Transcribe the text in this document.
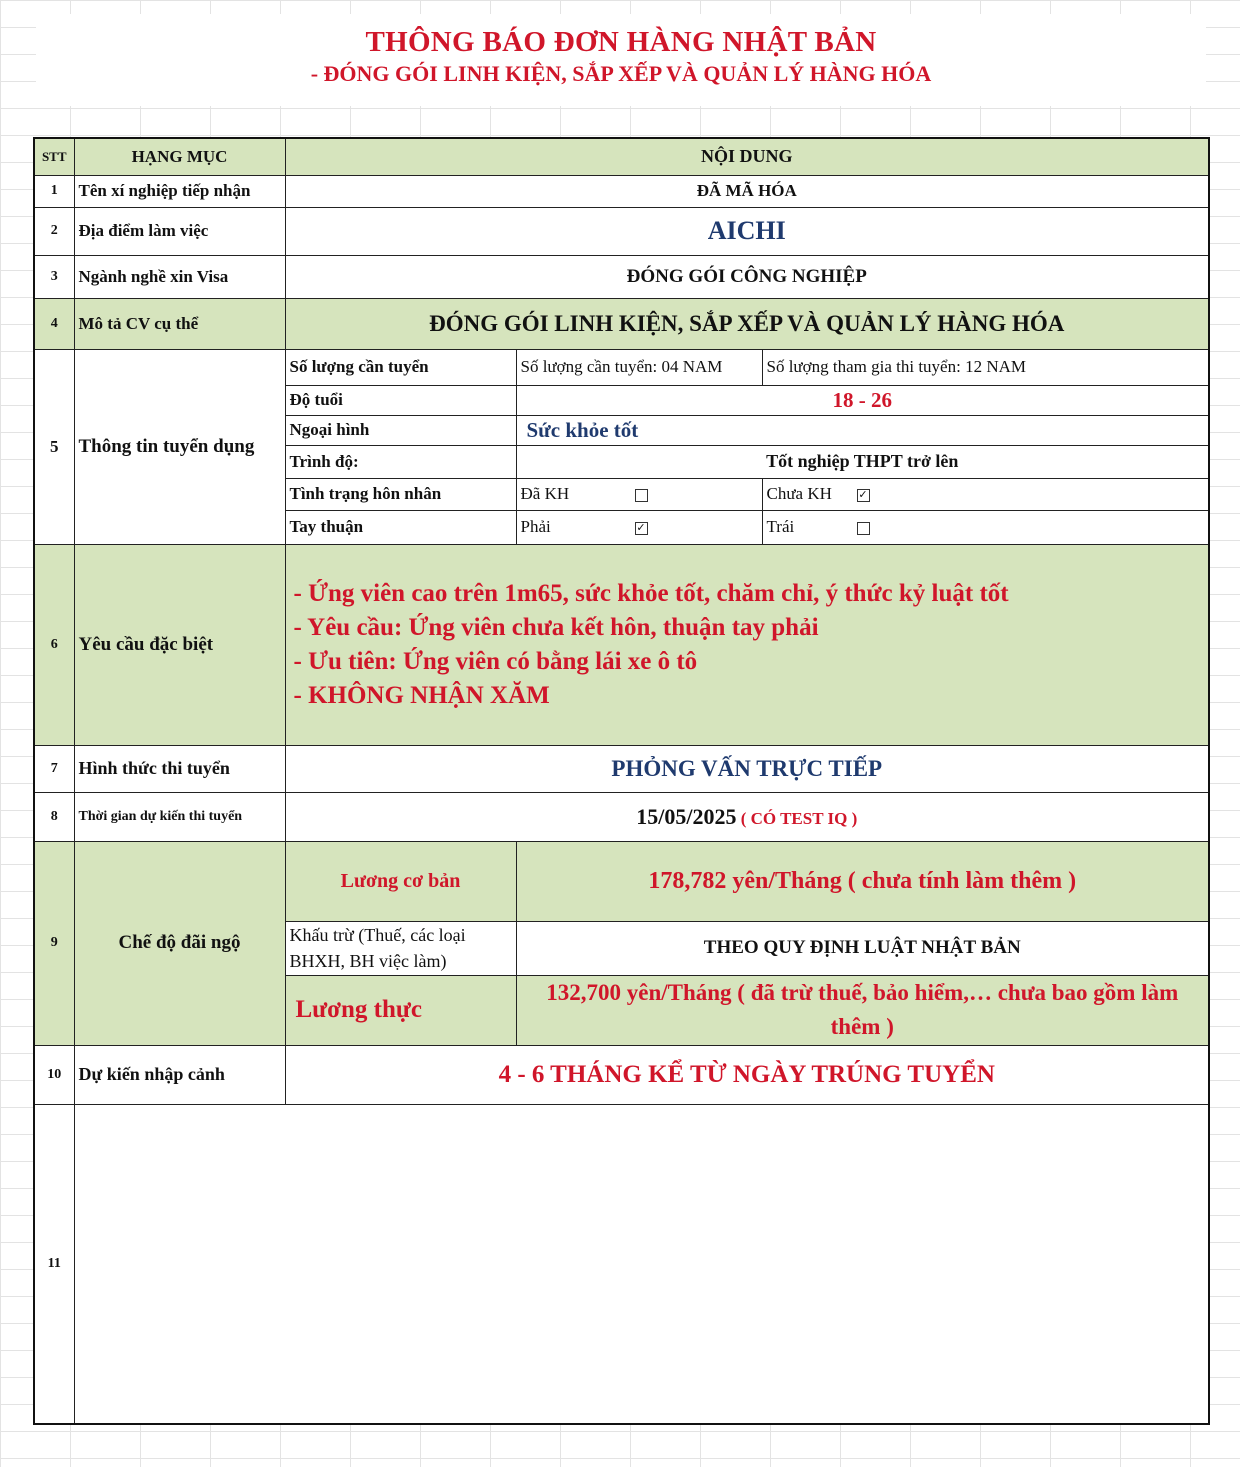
THÔNG BÁO ĐƠN HÀNG NHẬT BẢN
- ĐÓNG GÓI LINH KIỆN, SẮP XẾP VÀ QUẢN LÝ HÀNG HÓA
STT	HẠNG MỤC	NỘI DUNG		
1	Tên xí nghiệp tiếp nhận	ĐÃ MÃ HÓA		
2	Địa điểm làm việc	AICHI		
3	Ngành nghề xin Visa	ĐÓNG GÓI CÔNG NGHIỆP		
4	Mô tả CV cụ thể	ĐÓNG GÓI LINH KIỆN, SẮP XẾP VÀ QUẢN LÝ HÀNG HÓA		
5	Thông tin tuyển dụng	Số lượng cần tuyển	Số lượng cần tuyển: 04 NAM	Số lượng tham gia thi tuyển: 12 NAM
		Độ tuổi	18 - 26	
		Ngoại hình	Sức khỏe tốt	
		Trình độ:	Tốt nghiệp THPT trở lên	
		Tình trạng hôn nhân	Đã KH	Chưa KH ✓
		Tay thuận	Phải ✓	Trái
6	Yêu cầu đặc biệt	- Ứng viên cao trên 1m65, sức khỏe tốt, chăm chỉ, ý thức kỷ luật tốt
- Yêu cầu: Ứng viên chưa kết hôn, thuận tay phải
- Ưu tiên: Ứng viên có bằng lái xe ô tô
- KHÔNG NHẬN XĂM		

7	Hình thức thi tuyển	PHỎNG VẤN TRỰC TIẾP		
8	Thời gian dự kiến thi tuyển	15/05/2025 ( CÓ TEST IQ )		
9	Chế độ đãi ngộ	Lương cơ bản	178,782 yên/Tháng ( chưa tính làm thêm )	
		Khấu trừ (Thuế, các loại BHXH, BH việc làm)	THEO QUY ĐỊNH LUẬT NHẬT BẢN	
		Lương thực	132,700 yên/Tháng ( đã trừ thuế, bảo hiểm,… chưa bao gồm làm thêm )	
10	Dự kiến nhập cảnh	4 - 6 THÁNG KỂ TỪ NGÀY TRÚNG TUYỂN		
11				
